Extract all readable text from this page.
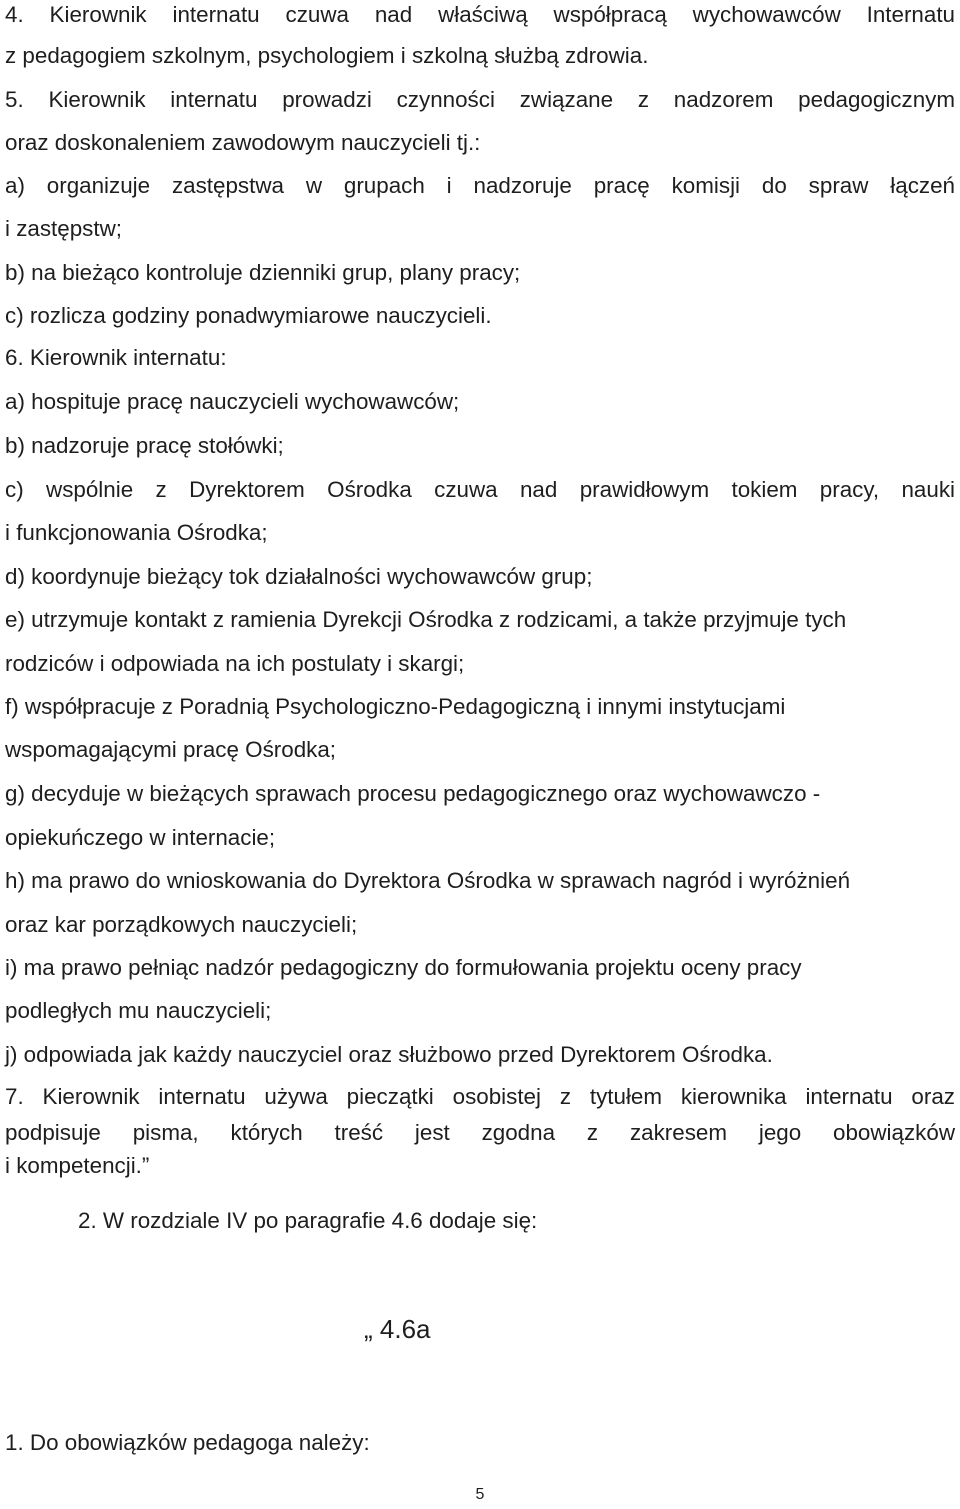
4. Kierownik internatu czuwa nad właściwą współpracą wychowawców Internatu
z pedagogiem szkolnym, psychologiem i szkolną służbą zdrowia.
5. Kierownik internatu prowadzi czynności związane z nadzorem pedagogicznym
oraz doskonaleniem zawodowym nauczycieli tj.:
a) organizuje zastępstwa w grupach i nadzoruje pracę komisji do spraw łączeń
i zastępstw;
b) na bieżąco kontroluje dzienniki grup, plany pracy;
c) rozlicza godziny ponadwymiarowe nauczycieli.
6. Kierownik internatu:
a) hospituje pracę nauczycieli wychowawców;
b) nadzoruje pracę stołówki;
c) wspólnie z Dyrektorem Ośrodka czuwa nad prawidłowym tokiem pracy, nauki
i funkcjonowania Ośrodka;
d) koordynuje bieżący tok działalności wychowawców grup;
e) utrzymuje kontakt z ramienia Dyrekcji Ośrodka z rodzicami, a także przyjmuje tych
rodziców i odpowiada na ich postulaty i skargi;
f) współpracuje z Poradnią Psychologiczno-Pedagogiczną i innymi instytucjami
wspomagającymi pracę Ośrodka;
g) decyduje w bieżących sprawach procesu pedagogicznego oraz wychowawczo -
opiekuńczego w internacie;
h) ma prawo do wnioskowania do Dyrektora Ośrodka w sprawach nagród i wyróżnień
oraz kar porządkowych nauczycieli;
i) ma prawo pełniąc nadzór pedagogiczny do formułowania projektu oceny pracy
podległych mu nauczycieli;
j) odpowiada jak każdy nauczyciel oraz służbowo przed Dyrektorem Ośrodka.
7. Kierownik internatu używa pieczątki osobistej z tytułem kierownika internatu oraz
podpisuje pisma, których treść jest zgodna z zakresem jego obowiązków
i kompetencji.”
2. W rozdziale IV po paragrafie 4.6 dodaje się:
„ 4.6a
1. Do obowiązków pedagoga należy:
5
